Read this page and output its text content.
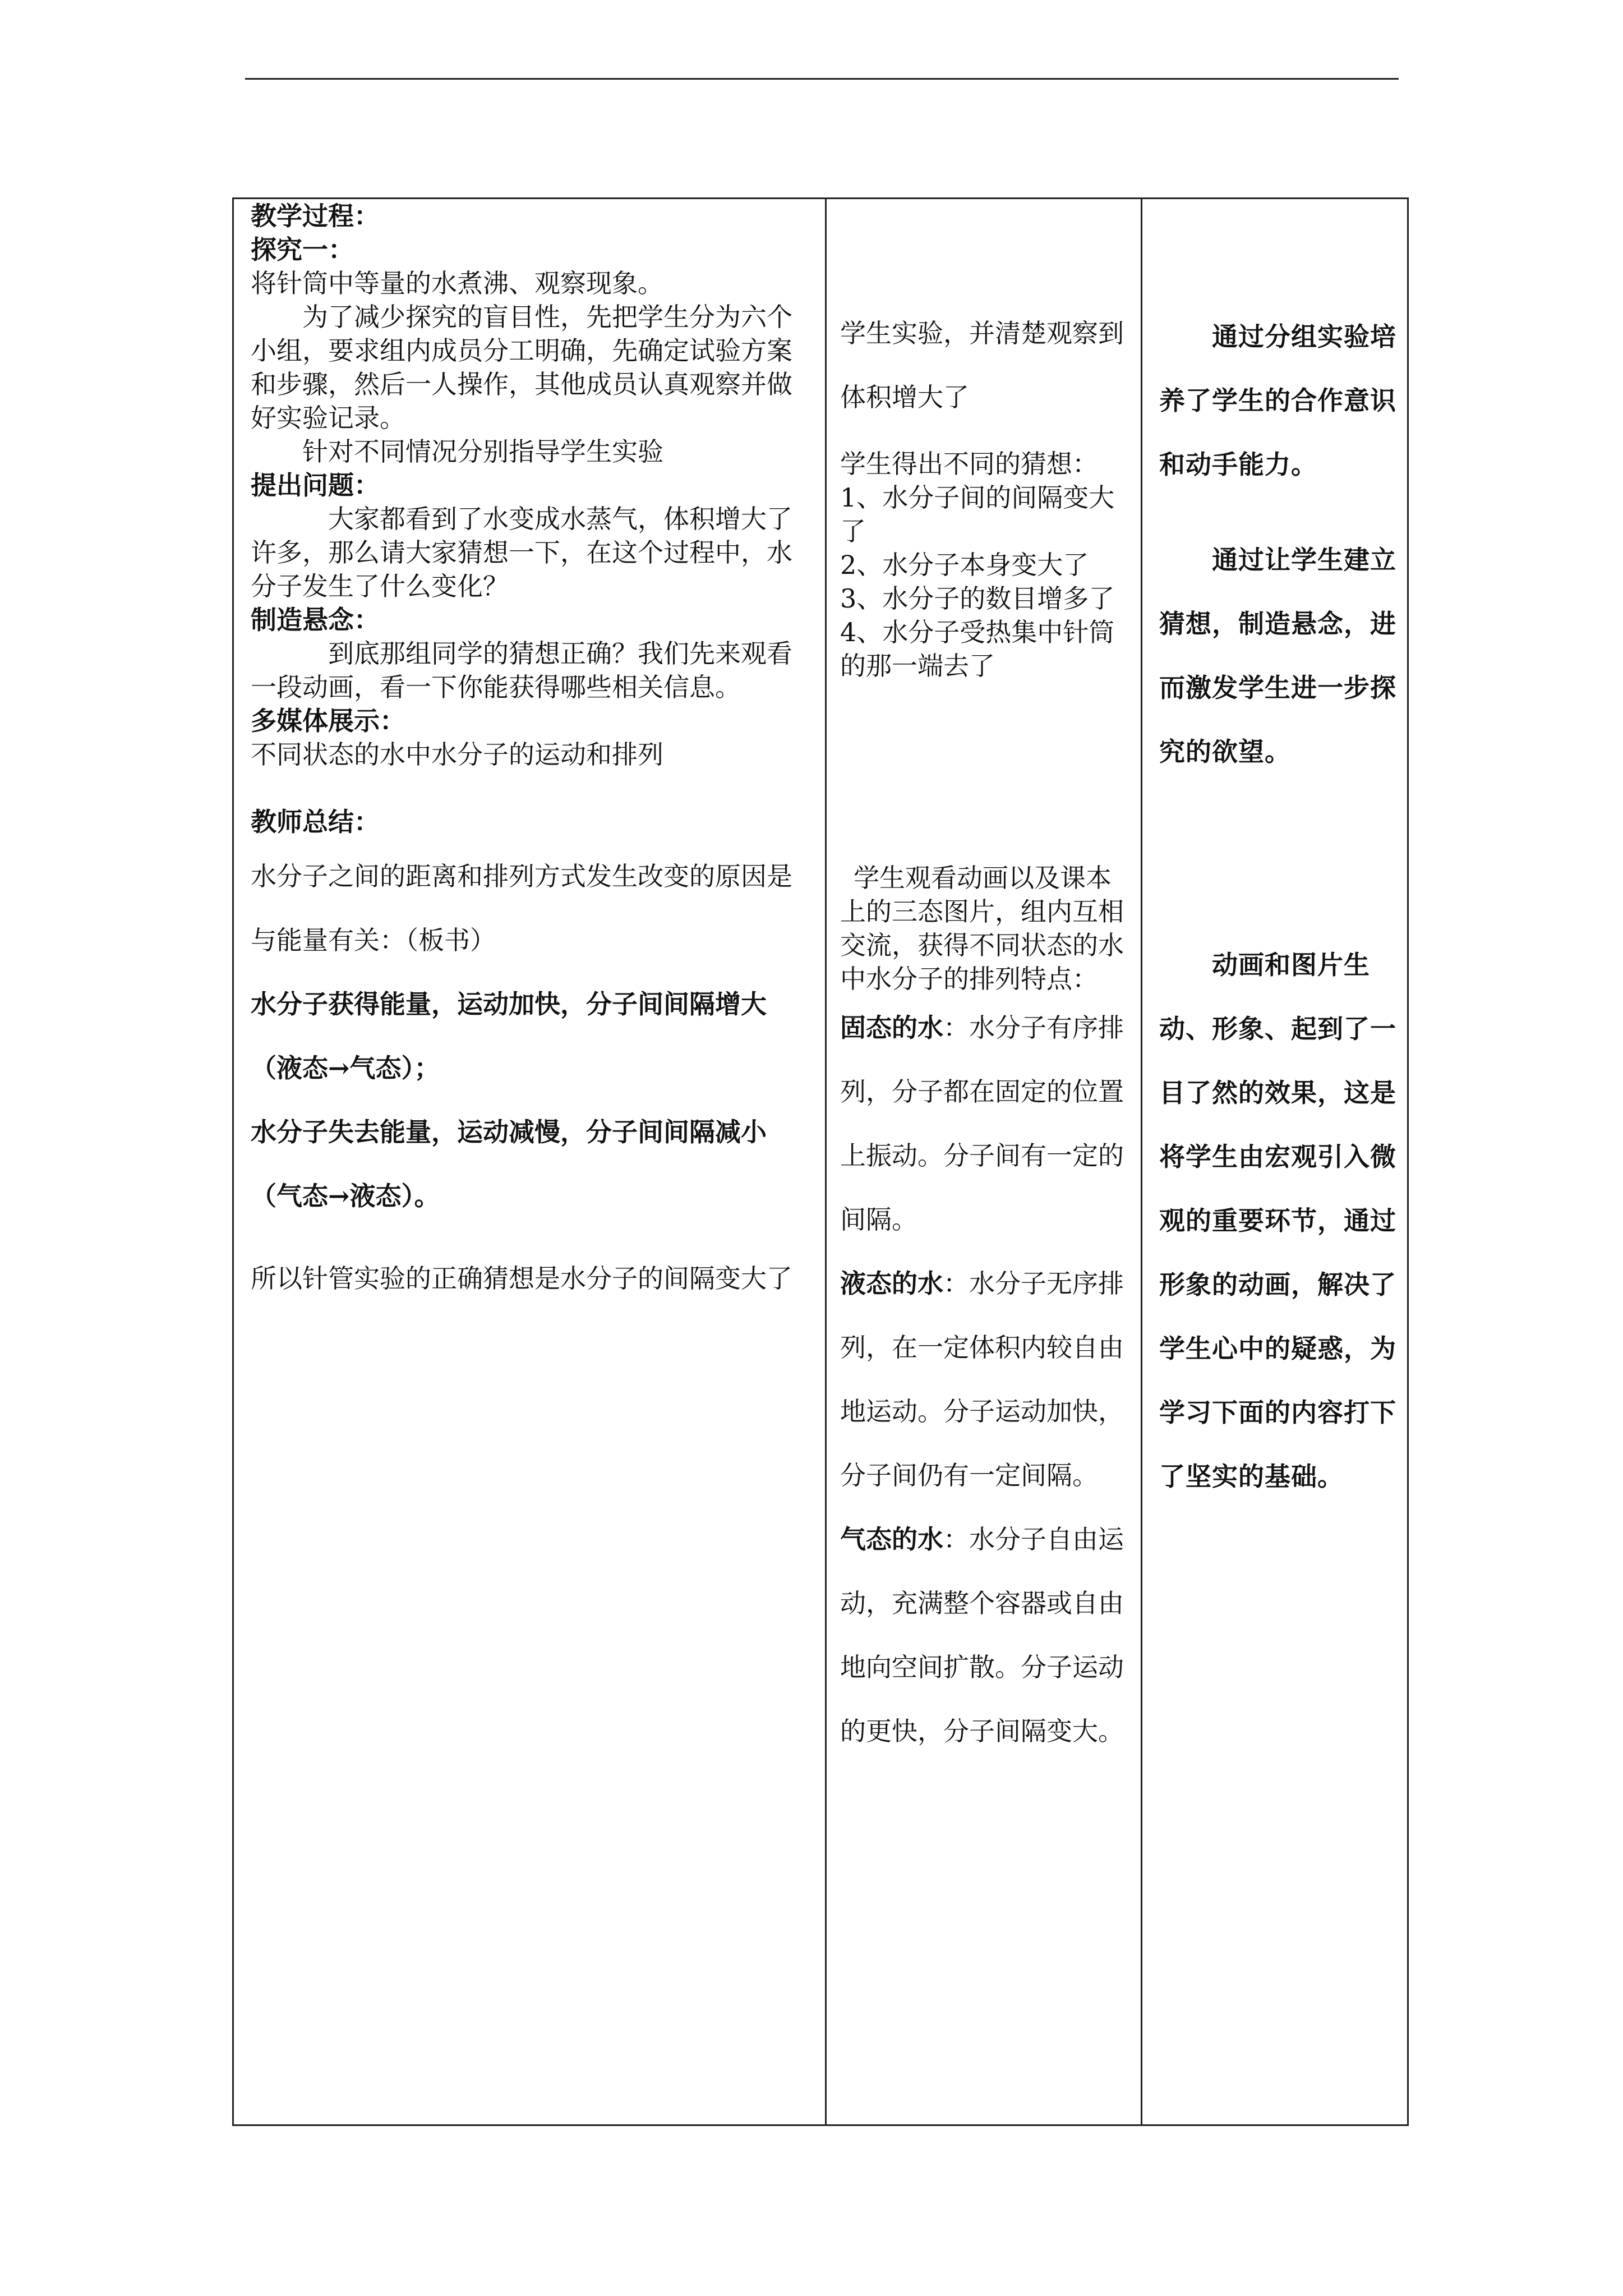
教学过程：

探究一：

将针筒中等量的水煮沸、观察现象。

为了减少探究的盲目性，先把学生分为六个小组，要求组内成员分工明确，先确定试验方案和步骤，然后一人操作，其他成员认真观察并做好实验记录。

针对不同情况分别指导学生实验

提出问题：

大家都看到了水变成水蒸气，体积增大了许多，那么请大家猜想一下，在这个过程中，水分子发生了什么变化？

制造悬念：

到底那组同学的猜想正确？我们先来观看一段动画，看一下你能获得哪些相关信息。

多媒体展示：

不同状态的水中水分子的运动和排列

教师总结：

水分子之间的距离和排列方式发生改变的原因是与能量有关：（板书）

水分子获得能量，运动加快，分子间间隔增大（液态→气态）；

水分子失去能量，运动减慢，分子间间隔减小（气态→液态）。

所以针管实验的正确猜想是水分子的间隔变大了

学生实验，并清楚观察到体积增大了

学生得出不同的猜想：

1、水分子间的间隔变大了

2、水分子本身变大了

3、水分子的数目增多了

4、水分子受热集中针筒的那一端去了

学生观看动画以及课本上的三态图片，组内互相交流，获得不同状态的水中水分子的排列特点：

固态的水：水分子有序排列，分子都在固定的位置上振动。分子间有一定的间隔。

液态的水：水分子无序排列，在一定体积内较自由地运动。分子运动加快，分子间仍有一定间隔。

气态的水：水分子自由运动，充满整个容器或自由地向空间扩散。分子运动的更快，分子间隔变大。

通过分组实验培养了学生的合作意识和动手能力。

通过让学生建立猜想，制造悬念，进而激发学生进一步探究的欲望。

动画和图片生动、形象、起到了一目了然的效果，这是将学生由宏观引入微观的重要环节，通过形象的动画，解决了学生心中的疑惑，为学习下面的内容打下了坚实的基础。
